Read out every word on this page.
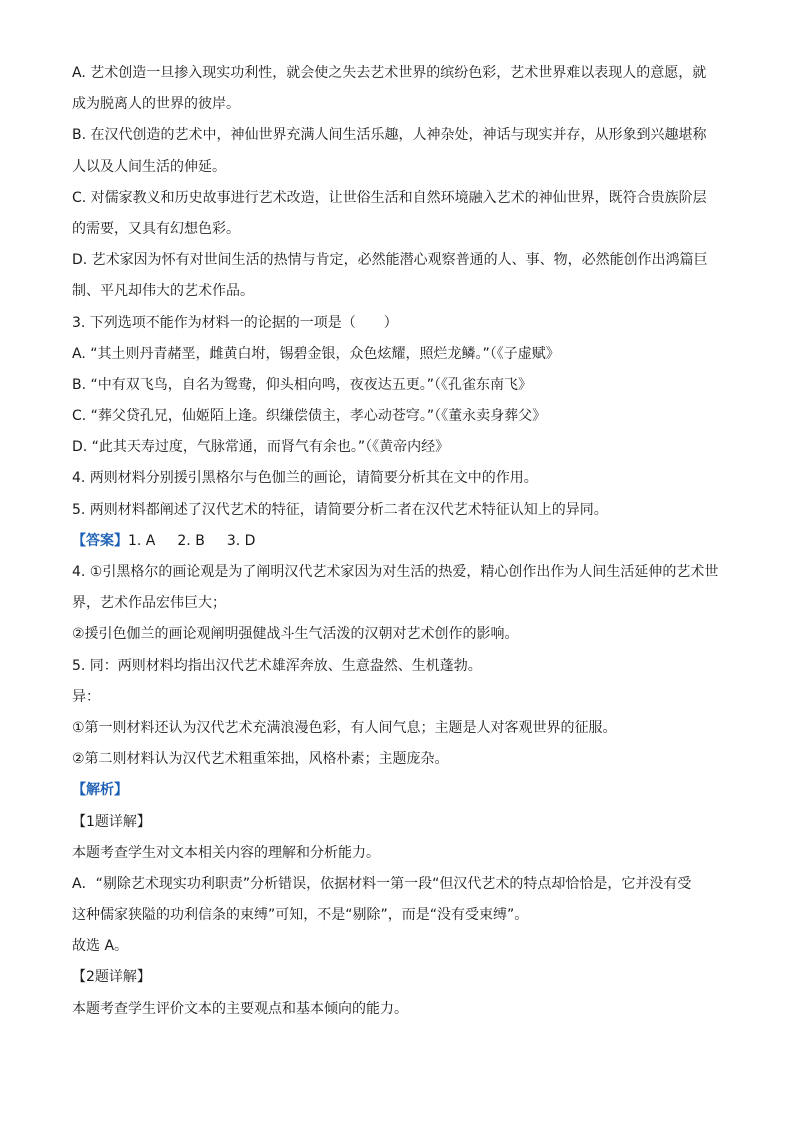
A. 艺术创造一旦掺入现实功利性，就会使之失去艺术世界的缤纷色彩，艺术世界难以表现人的意愿，就
成为脱离人的世界的彼岸。
B. 在汉代创造的艺术中，神仙世界充满人间生活乐趣，人神杂处，神话与现实并存，从形象到兴趣堪称
人以及人间生活的伸延。
C. 对儒家教义和历史故事进行艺术改造，让世俗生活和自然环境融入艺术的神仙世界，既符合贵族阶层
的需要，又具有幻想色彩。
D. 艺术家因为怀有对世间生活的热情与肯定，必然能潜心观察普通的人、事、物，必然能创作出鸿篇巨
制、平凡却伟大的艺术作品。
3. 下列选项不能作为材料一的论据的一项是（　　）
A. “其土则丹青赭垩，雌黄白坿，锡碧金银，众色炫耀，照烂龙鳞。”（《子虚赋》
B. “中有双飞鸟，自名为鸳鸯，仰头相向鸣，夜夜达五更。”（《孔雀东南飞》
C. “葬父贷孔兄，仙姬陌上逢。织缣偿债主，孝心动苍穹。”（《董永卖身葬父》
D. “此其天寿过度，气脉常通，而肾气有余也。”（《黄帝内经》
4. 两则材料分别援引黑格尔与色伽兰的画论，请简要分析其在文中的作用。
5. 两则材料都阐述了汉代艺术的特征，请简要分析二者在汉代艺术特征认知上的异同。
【答案】1. A 2. B 3. D
4. ①引黑格尔的画论观是为了阐明汉代艺术家因为对生活的热爱，精心创作出作为人间生活延伸的艺术世
界，艺术作品宏伟巨大；
②援引色伽兰的画论观阐明强健战斗生气活泼的汉朝对艺术创作的影响。
5. 同：两则材料均指出汉代艺术雄浑奔放、生意盎然、生机蓬勃。
异：
①第一则材料还认为汉代艺术充满浪漫色彩，有人间气息；主题是人对客观世界的征服。
②第二则材料认为汉代艺术粗重笨拙，风格朴素；主题庞杂。
【解析】
【1题详解】
本题考查学生对文本相关内容的理解和分析能力。
A．“剔除艺术现实功利职责”分析错误，依据材料一第一段“但汉代艺术的特点却恰恰是，它并没有受
这种儒家狭隘的功利信条的束缚”可知，不是“剔除”，而是“没有受束缚”。
故选 A。
【2题详解】
本题考查学生评价文本的主要观点和基本倾向的能力。
